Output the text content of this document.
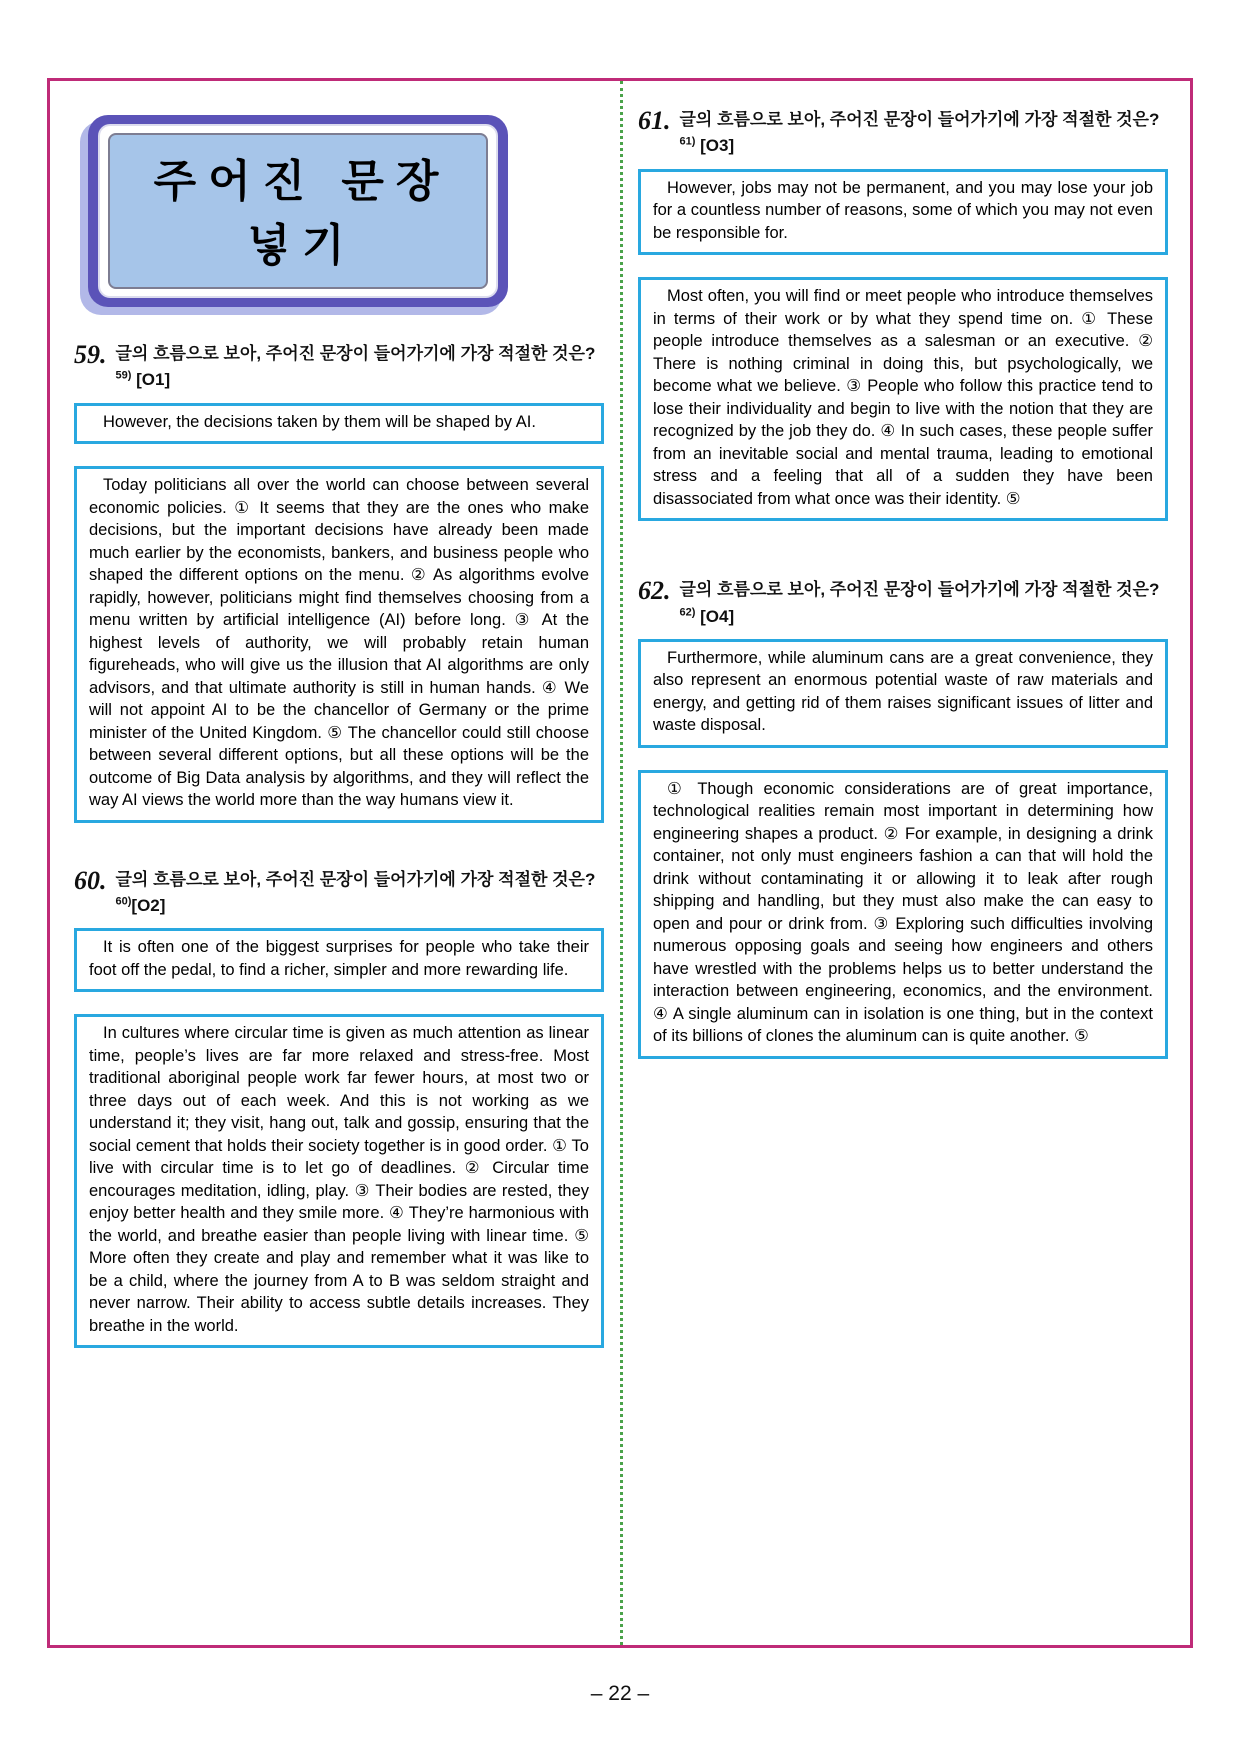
주어진 문장 넣기
59. 글의 흐름으로 보아, 주어진 문장이 들어가기에 가장 적절한 것은?$^{59)}$ [O1]
However, the decisions taken by them will be shaped by AI.
Today politicians all over the world can choose between several economic policies. ① It seems that they are the ones who make decisions, but the important decisions have already been made much earlier by the economists, bankers, and business people who shaped the different options on the menu. ② As algorithms evolve rapidly, however, politicians might find themselves choosing from a menu written by artificial intelligence (AI) before long. ③ At the highest levels of authority, we will probably retain human figureheads, who will give us the illusion that AI algorithms are only advisors, and that ultimate authority is still in human hands. ④ We will not appoint AI to be the chancellor of Germany or the prime minister of the United Kingdom. ⑤ The chancellor could still choose between several different options, but all these options will be the outcome of Big Data analysis by algorithms, and they will reflect the way AI views the world more than the way humans view it.
60. 글의 흐름으로 보아, 주어진 문장이 들어가기에 가장 적절한 것은?$^{60)}$[O2]
It is often one of the biggest surprises for people who take their foot off the pedal, to find a richer, simpler and more rewarding life.
In cultures where circular time is given as much attention as linear time, people’s lives are far more relaxed and stress-free. Most traditional aboriginal people work far fewer hours, at most two or three days out of each week. And this is not working as we understand it; they visit, hang out, talk and gossip, ensuring that the social cement that holds their society together is in good order. ① To live with circular time is to let go of deadlines. ② Circular time encourages meditation, idling, play. ③ Their bodies are rested, they enjoy better health and they smile more. ④ They’re harmonious with the world, and breathe easier than people living with linear time. ⑤ More often they create and play and remember what it was like to be a child, where the journey from A to B was seldom straight and never narrow. Their ability to access subtle details increases. They breathe in the world.
61. 글의 흐름으로 보아, 주어진 문장이 들어가기에 가장 적절한 것은?$^{61)}$ [O3]
However, jobs may not be permanent, and you may lose your job for a countless number of reasons, some of which you may not even be responsible for.
Most often, you will find or meet people who introduce themselves in terms of their work or by what they spend time on. ① These people introduce themselves as a salesman or an executive. ② There is nothing criminal in doing this, but psychologically, we become what we believe. ③ People who follow this practice tend to lose their individuality and begin to live with the notion that they are recognized by the job they do. ④ In such cases, these people suffer from an inevitable social and mental trauma, leading to emotional stress and a feeling that all of a sudden they have been disassociated from what once was their identity. ⑤
62. 글의 흐름으로 보아, 주어진 문장이 들어가기에 가장 적절한 것은?$^{62)}$ [O4]
Furthermore, while aluminum cans are a great convenience, they also represent an enormous potential waste of raw materials and energy, and getting rid of them raises significant issues of litter and waste disposal.
① Though economic considerations are of great importance, technological realities remain most important in determining how engineering shapes a product. ② For example, in designing a drink container, not only must engineers fashion a can that will hold the drink without contaminating it or allowing it to leak after rough shipping and handling, but they must also make the can easy to open and pour or drink from. ③ Exploring such difficulties involving numerous opposing goals and seeing how engineers and others have wrestled with the problems helps us to better understand the interaction between engineering, economics, and the environment. ④ A single aluminum can in isolation is one thing, but in the context of its billions of clones the aluminum can is quite another. ⑤
– 22 –
